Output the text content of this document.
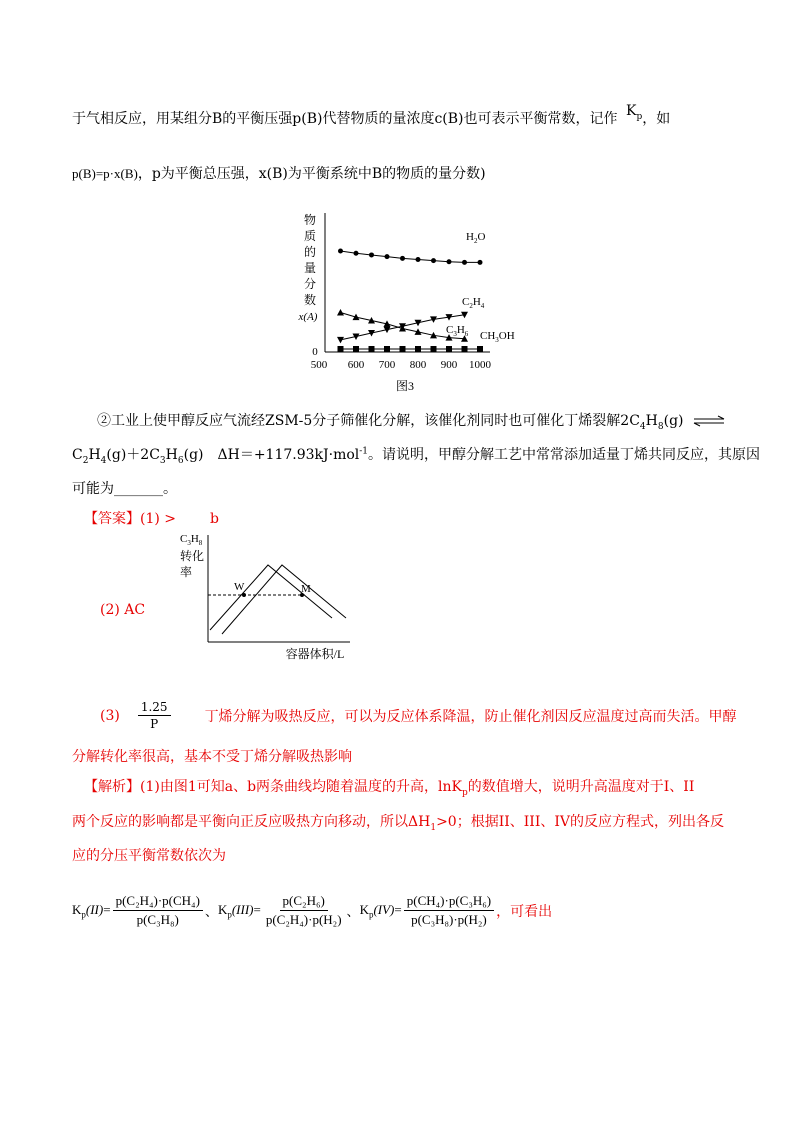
于气相反应，用某组分B的平衡压强p(B)代替物质的量浓度c(B)也可表示平衡常数，记作 $K_p$，如
p(B)=p·x(B)，p为平衡总压强，x(B)为平衡系统中B的物质的量分数)
物
质
的
量
分
数
x(A)
0
500 600 700 800 900 1000
$H_2O$
$C_2H_4$
$C_3H_6$ $CH_3OH$
图3
②工业上使甲醇反应气流经ZSM-5分子筛催化分解，该催化剂同时也可催化丁烯裂解$2C_4H_8(g)$ ⇌
$C_2H_4(g)+2C_3H_6(g)$　ΔH＝+117.93kJ·mol$^{-1}$。请说明，甲醇分解工艺中常常添加适量丁烯共同反应，其原因
可能为_______。
【答案】(1) > b
$C_3H_8$
转化
率
W	M
容器体积/L
(2) AC
$(3) \frac{1.25}{P}$ 丁烯分解为吸热反应，可以为反应体系降温，防止催化剂因反应温度过高而失活。甲醇
分解转化率很高，基本不受丁烯分解吸热影响
【解析】(1)由图1可知a、b两条曲线均随着温度的升高，lnK$_p$的数值增大，说明升高温度对于I、II
两个反应的影响都是平衡向正反应吸热方向移动，所以$\Delta H_1>0$；根据II、III、IV的反应方程式，列出各反
应的分压平衡常数依次为
$K_p(II)= \frac{\text{p(C₂H₄)·p(CH₄)}}{\text{p(C₃H₈)}}$ 、 $K_p(III)= \frac{\text{p(C₂H₆)}}{\text{p(C₂H₄)·p(H₂)}}$ 、 $K_p(IV)= \frac{\text{p(CH₄)·p(C₃H₆)}}{\text{p(C₃H₈)·p(H₂)}}$ ，可看出
